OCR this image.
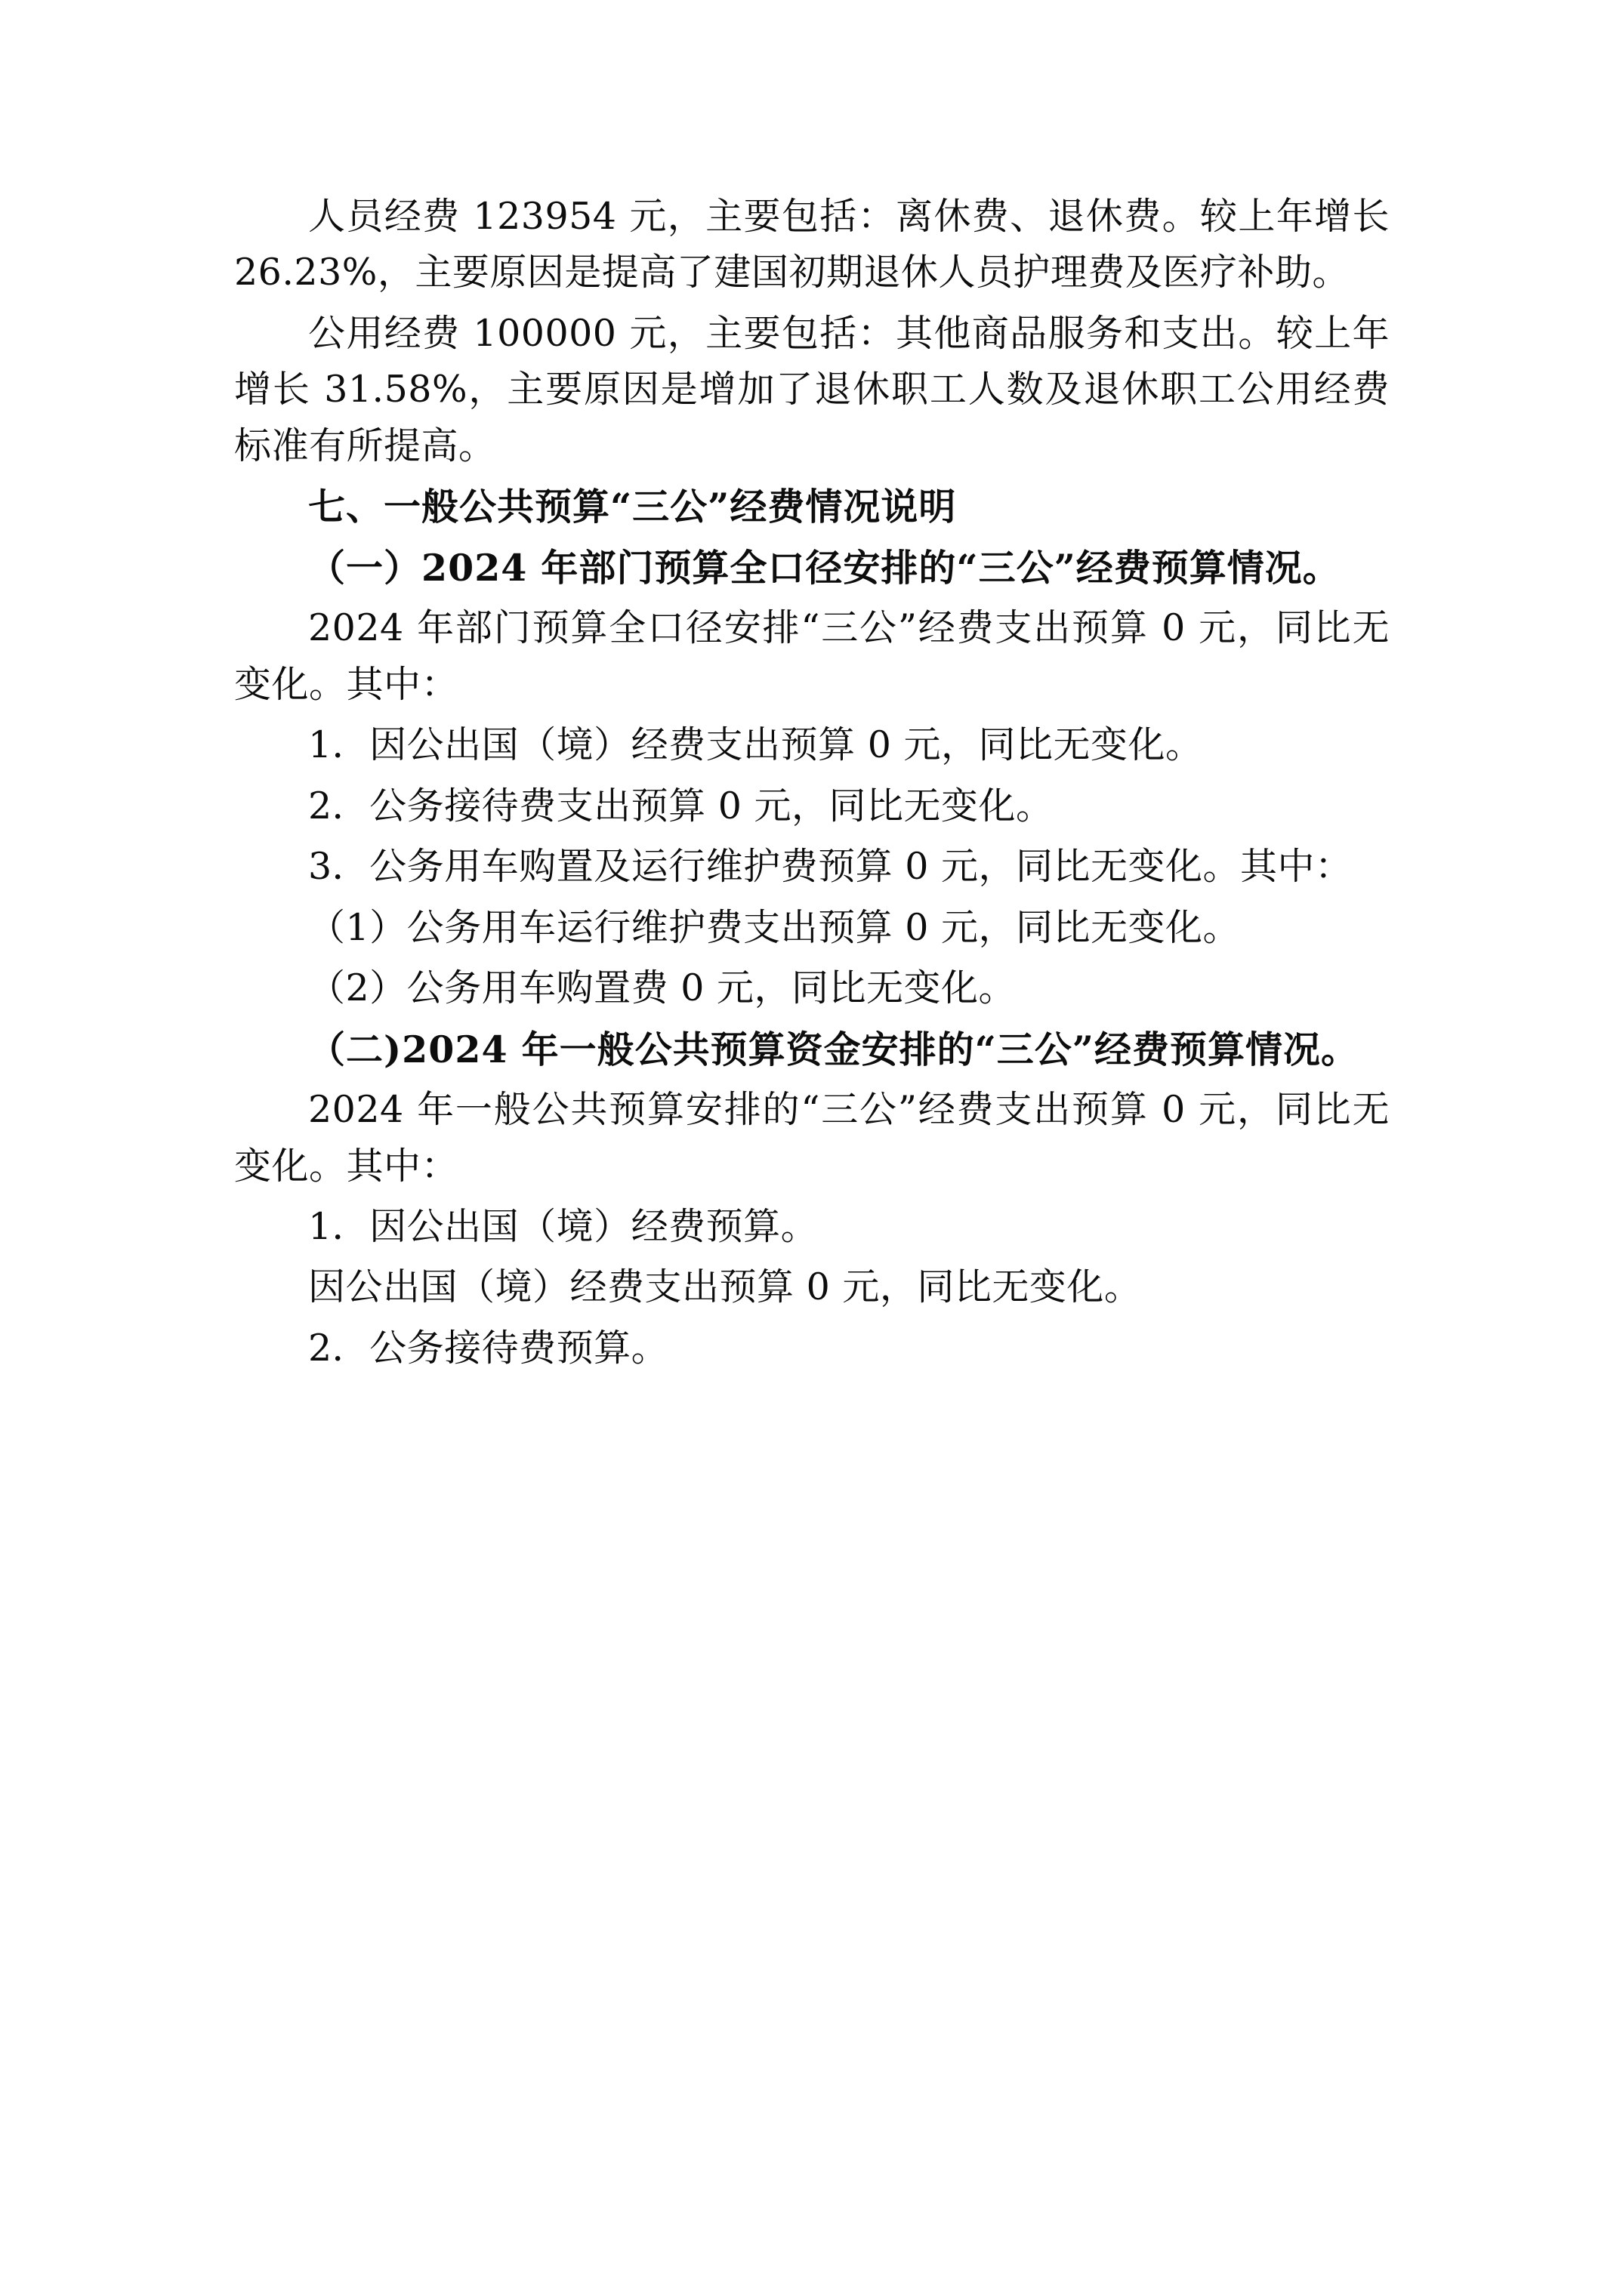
人员经费 123954 元，主要包括：离休费、退休费。较上年增长 26.23%，主要原因是提高了建国初期退休人员护理费及医疗补助。

公用经费 100000 元，主要包括：其他商品服务和支出。较上年增长 31.58%，主要原因是增加了退休职工人数及退休职工公用经费标准有所提高。

七、一般公共预算“三公”经费情况说明

（一）2024 年部门预算全口径安排的“三公”经费预算情况。

2024 年部门预算全口径安排“三公”经费支出预算 0 元，同比无变化。其中：

1．因公出国（境）经费支出预算 0 元，同比无变化。

2．公务接待费支出预算 0 元，同比无变化。

3．公务用车购置及运行维护费预算 0 元，同比无变化。其中：

（1）公务用车运行维护费支出预算 0 元，同比无变化。

（2）公务用车购置费 0 元，同比无变化。

（二)2024 年一般公共预算资金安排的“三公”经费预算情况。

2024 年一般公共预算安排的“三公”经费支出预算 0 元，同比无变化。其中：

1．因公出国（境）经费预算。

因公出国（境）经费支出预算 0 元，同比无变化。

2．公务接待费预算。
